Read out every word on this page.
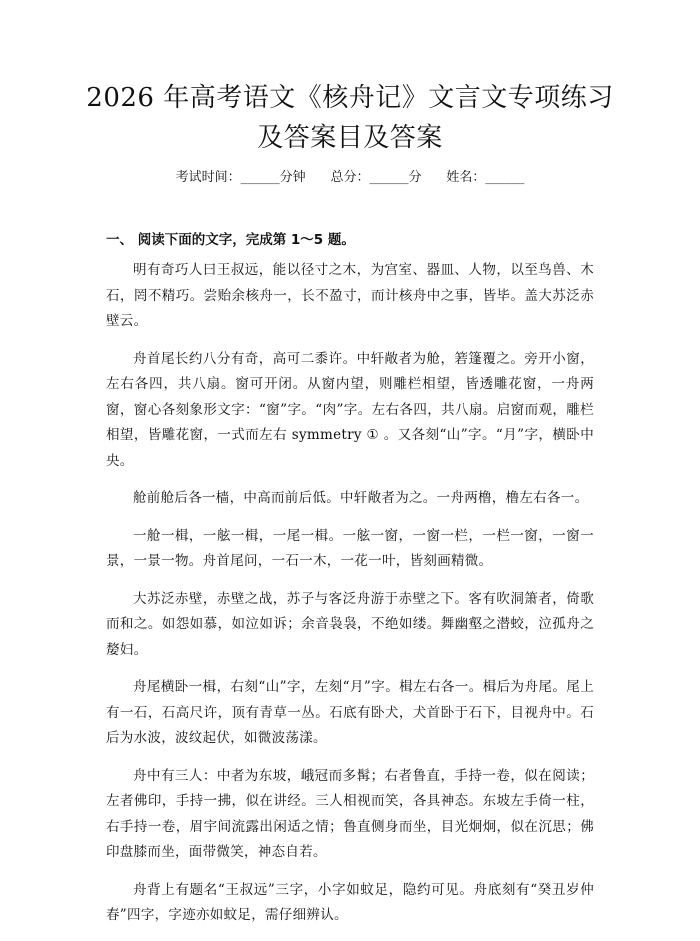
2026 年高考语文《核舟记》文言文专项练习
及答案目及答案
考试时间：______分钟 总分：______分 姓名：______
一、 阅读下面的文字，完成第 1～5 题。

明有奇巧人曰王叔远，能以径寸之木，为宫室、器皿、人物，以至鸟兽、木石，罔不精巧。尝贻余核舟一，长不盈寸，而计核舟中之事，皆毕。盖大苏泛赤壁云。

舟首尾长约八分有奇，高可二黍许。中轩敞者为舱，箬篷覆之。旁开小窗，左右各四，共八扇。窗可开闭。从窗内望，则雕栏相望，皆透雕花窗，一舟两窗，窗心各刻象形文字：“窗”字。“肉”字。左右各四，共八扇。启窗而观，雕栏相望，皆雕花窗，一式而左右 symmetry ① 。又各刻“山”字。“月”字，横卧中央。

舱前舱后各一樯，中高而前后低。中轩敞者为之。一舟两橹，橹左右各一。

一舱一楫，一舷一楫，一尾一楫。一舷一窗，一窗一栏，一栏一窗，一窗一景，一景一物。舟首尾问，一石一木，一花一叶，皆刻画精微。

大苏泛赤壁，赤壁之战，苏子与客泛舟游于赤壁之下。客有吹洞箫者，倚歌而和之。如怨如慕，如泣如诉；余音袅袅，不绝如缕。舞幽壑之潜蛟，泣孤舟之嫠妇。

舟尾横卧一楫，右刻“山”字，左刻“月”字。楫左右各一。楫后为舟尾。尾上有一石，石高尺许，顶有青草一丛。石底有卧犬，犬首卧于石下，目视舟中。石后为水波，波纹起伏，如微波荡漾。

舟中有三人：中者为东坡，峨冠而多髯；右者鲁直，手持一卷，似在阅读；左者佛印，手持一拂，似在讲经。三人相视而笑，各具神态。东坡左手倚一柱，右手持一卷，眉宇间流露出闲适之情；鲁直侧身而坐，目光炯炯，似在沉思；佛印盘膝而坐，面带微笑，神态自若。

舟背上有题名“王叔远”三字，小字如蚊足，隐约可见。舟底刻有“癸丑岁仲春”四字，字迹亦如蚊足，需仔细辨认。
